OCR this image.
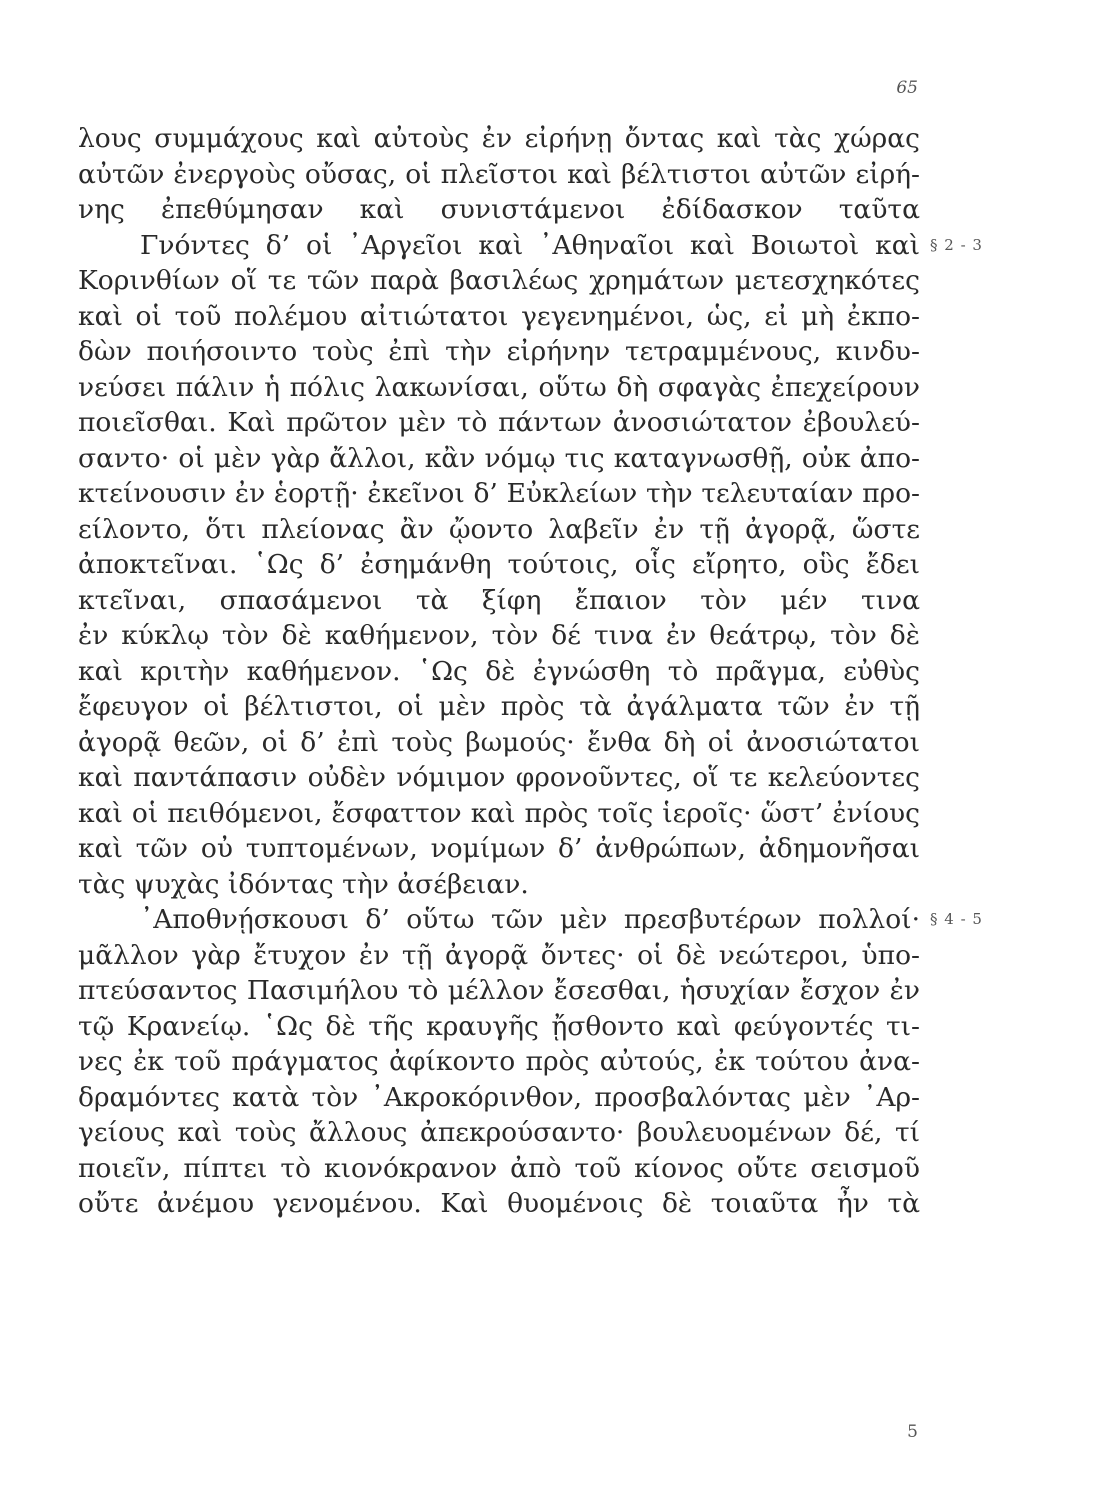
65
λους συμμάχους καὶ αὐτοὺς ἐν εἰρήνῃ ὄντας καὶ τὰς χώρας
αὐτῶν ἐνεργοὺς οὔσας, οἱ πλεῖστοι καὶ βέλτιστοι αὐτῶν εἰρή-
νης ἐπεθύμησαν καὶ συνιστάμενοι ἐδίδασκον ταῦτα
Γνόντες δ’ οἱ ᾿Αργεῖοι καὶ ᾿Αθηναῖοι καὶ Βοιωτοὶ καὶ § 2 - 3
Κορινθίων οἵ τε τῶν παρὰ βασιλέως χρημάτων μετεσχηκότες
καὶ οἱ τοῦ πολέμου αἰτιώτατοι γεγενημένοι, ὡς, εἰ μὴ ἐκπο-
δὼν ποιήσοιντο τοὺς ἐπὶ τὴν εἰρήνην τετραμμένους, κινδυ-
νεύσει πάλιν ἡ πόλις λακωνίσαι, οὕτω δὴ σφαγὰς ἐπεχείρουν
ποιεῖσθαι. Καὶ πρῶτον μὲν τὸ πάντων ἀνοσιώτατον ἐβουλεύ-
σαντο· οἱ μὲν γὰρ ἄλλοι, κἂν νόμῳ τις καταγνωσθῇ, οὐκ ἀπο-
κτείνουσιν ἐν ἑορτῇ· ἐκεῖνοι δ’ Εὐκλείων τὴν τελευταίαν προ-
είλοντο, ὅτι πλείονας ἂν ᾤοντο λαβεῖν ἐν τῇ ἀγορᾷ, ὥστε
ἀποκτεῖναι. ῾Ως δ’ ἐσημάνθη τούτοις, οἷς εἴρητο, οὓς ἔδει
κτεῖναι, σπασάμενοι τὰ ξίφη ἔπαιον τὸν μέν τινα
ἐν κύκλῳ τὸν δὲ καθήμενον, τὸν δέ τινα ἐν θεάτρῳ, τὸν δὲ
καὶ κριτὴν καθήμενον. ῾Ως δὲ ἐγνώσθη τὸ πρᾶγμα, εὐθὺς
ἔφευγον οἱ βέλτιστοι, οἱ μὲν πρὸς τὰ ἀγάλματα τῶν ἐν τῇ
ἀγορᾷ θεῶν, οἱ δ’ ἐπὶ τοὺς βωμούς· ἔνθα δὴ οἱ ἀνοσιώτατοι
καὶ παντάπασιν οὐδὲν νόμιμον φρονοῦντες, οἵ τε κελεύοντες
καὶ οἱ πειθόμενοι, ἔσφαττον καὶ πρὸς τοῖς ἱεροῖς· ὥστ’ ἐνίους
καὶ τῶν οὐ τυπτομένων, νομίμων δ’ ἀνθρώπων, ἀδημονῆσαι
τὰς ψυχὰς ἰδόντας τὴν ἀσέβειαν.
᾿Αποθνῄσκουσι δ’ οὕτω τῶν μὲν πρεσβυτέρων πολλοί· § 4 - 5
μᾶλλον γὰρ ἔτυχον ἐν τῇ ἀγορᾷ ὄντες· οἱ δὲ νεώτεροι, ὑπο-
πτεύσαντος Πασιμήλου τὸ μέλλον ἔσεσθαι, ἡσυχίαν ἔσχον ἐν
τῷ Κρανείῳ. ῾Ως δὲ τῆς κραυγῆς ᾔσθοντο καὶ φεύγοντές τι-
νες ἐκ τοῦ πράγματος ἀφίκοντο πρὸς αὐτούς, ἐκ τούτου ἀνα-
δραμόντες κατὰ τὸν ᾿Ακροκόρινθον, προσβαλόντας μὲν ᾿Αρ-
γείους καὶ τοὺς ἄλλους ἀπεκρούσαντο· βουλευομένων δέ, τί
ποιεῖν, πίπτει τὸ κιονόκρανον ἀπὸ τοῦ κίονος οὔτε σεισμοῦ
οὔτε ἀνέμου γενομένου. Καὶ θυομένοις δὲ τοιαῦτα ἦν τὰ
5
